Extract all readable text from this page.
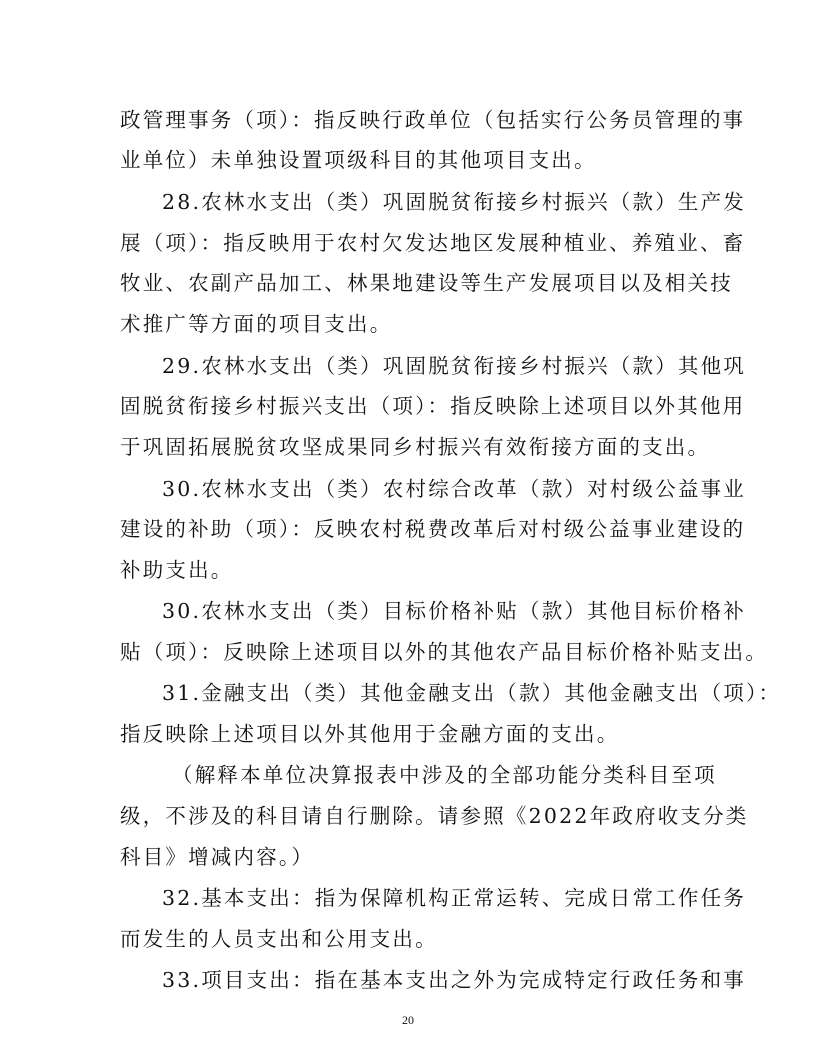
政管理事务（项）：指反映行政单位（包括实行公务员管理的事
业单位）未单独设置项级科目的其他项目支出。
28.农林水支出（类）巩固脱贫衔接乡村振兴（款）生产发
展（项）：指反映用于农村欠发达地区发展种植业、养殖业、畜
牧业、农副产品加工、林果地建设等生产发展项目以及相关技
术推广等方面的项目支出。
29.农林水支出（类）巩固脱贫衔接乡村振兴（款）其他巩
固脱贫衔接乡村振兴支出（项）：指反映除上述项目以外其他用
于巩固拓展脱贫攻坚成果同乡村振兴有效衔接方面的支出。
30.农林水支出（类）农村综合改革（款）对村级公益事业
建设的补助（项）：反映农村税费改革后对村级公益事业建设的
补助支出。
30.农林水支出（类）目标价格补贴（款）其他目标价格补
贴（项）：反映除上述项目以外的其他农产品目标价格补贴支出。
31.金融支出（类）其他金融支出（款）其他金融支出（项）：
指反映除上述项目以外其他用于金融方面的支出。
（解释本单位决算报表中涉及的全部功能分类科目至项
级，不涉及的科目请自行删除。请参照《2022年政府收支分类
科目》增减内容。）
32.基本支出：指为保障机构正常运转、完成日常工作任务
而发生的人员支出和公用支出。
33.项目支出：指在基本支出之外为完成特定行政任务和事
20
